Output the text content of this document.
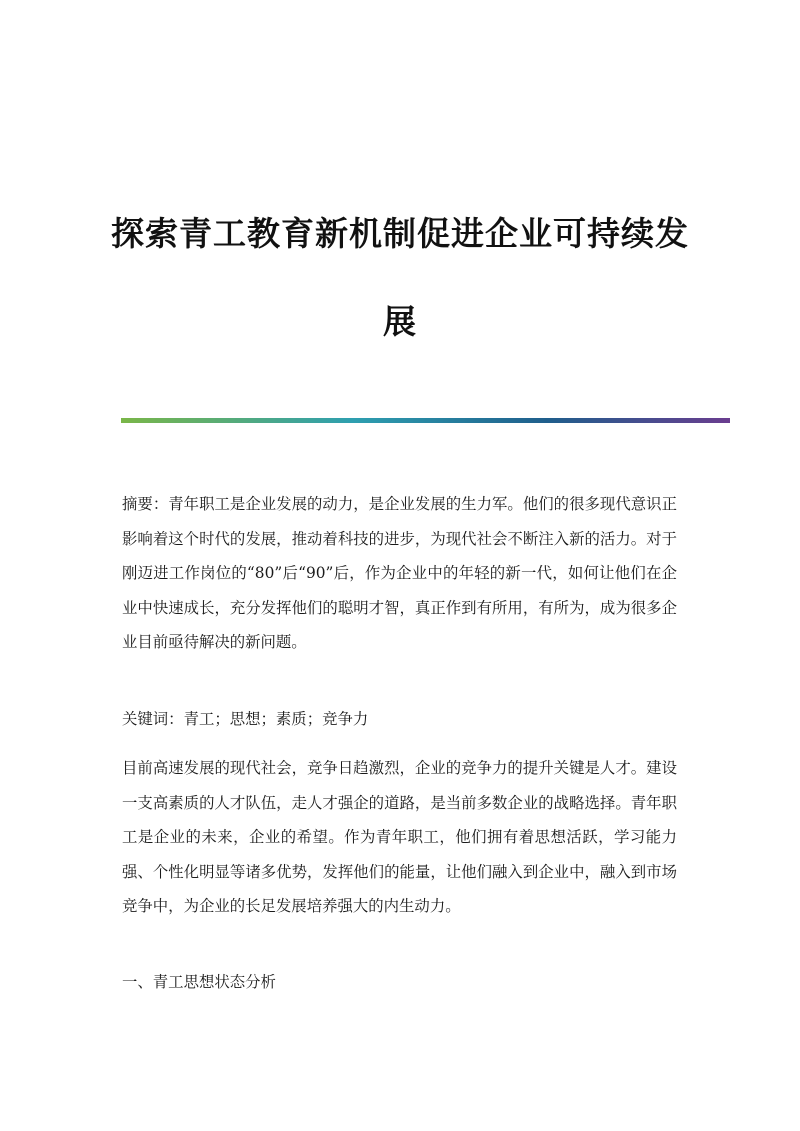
探索青工教育新机制促进企业可持续发展

摘要：青年职工是企业发展的动力，是企业发展的生力军。他们的很多现代意识正影响着这个时代的发展，推动着科技的进步，为现代社会不断注入新的活力。对于刚迈进工作岗位的“80”后“90”后，作为企业中的年轻的新一代，如何让他们在企业中快速成长，充分发挥他们的聪明才智，真正作到有所用，有所为，成为很多企业目前亟待解决的新问题。

关键词：青工；思想；素质；竞争力

目前高速发展的现代社会，竞争日趋激烈，企业的竞争力的提升关键是人才。建设一支高素质的人才队伍，走人才强企的道路，是当前多数企业的战略选择。青年职工是企业的未来，企业的希望。作为青年职工，他们拥有着思想活跃，学习能力强、个性化明显等诸多优势，发挥他们的能量，让他们融入到企业中，融入到市场竞争中，为企业的长足发展培养强大的内生动力。

一、青工思想状态分析
